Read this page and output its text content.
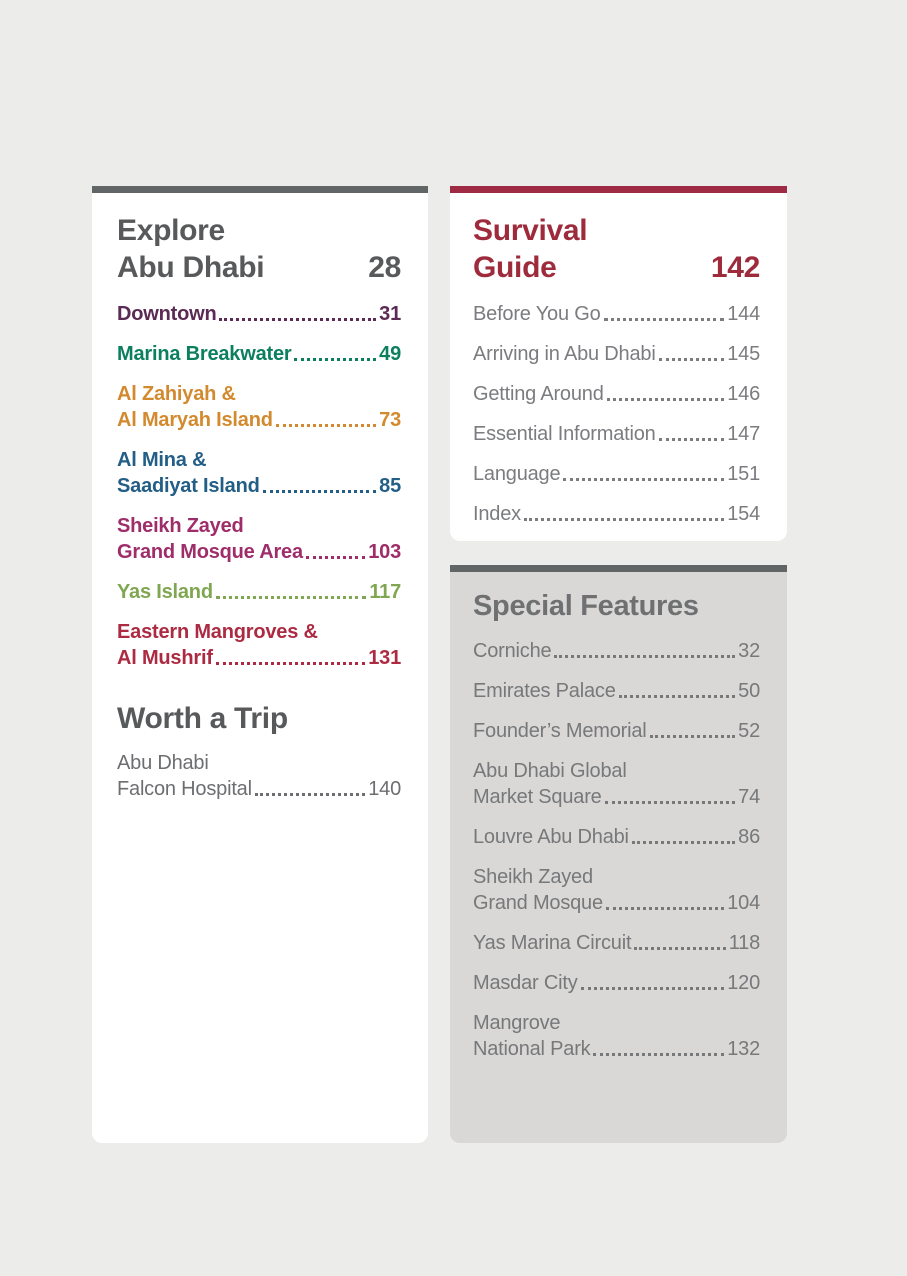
Explore
Abu Dhabi	28
Downtown	31
Marina Breakwater	49
Al Zahiyah &
Al Maryah Island	73
Al Mina &
Saadiyat Island	85
Sheikh Zayed
Grand Mosque Area	103
Yas Island	117
Eastern Mangroves &
Al Mushrif	131
Worth a Trip
Abu Dhabi
Falcon Hospital	140
Survival
Guide	142
Before You Go	144
Arriving in Abu Dhabi	145
Getting Around	146
Essential Information	147
Language	151
Index	154
Special Features
Corniche	32
Emirates Palace	50
Founder’s Memorial	52
Abu Dhabi Global
Market Square	74
Louvre Abu Dhabi	86
Sheikh Zayed
Grand Mosque	104
Yas Marina Circuit	118
Masdar City	120
Mangrove
National Park	132
